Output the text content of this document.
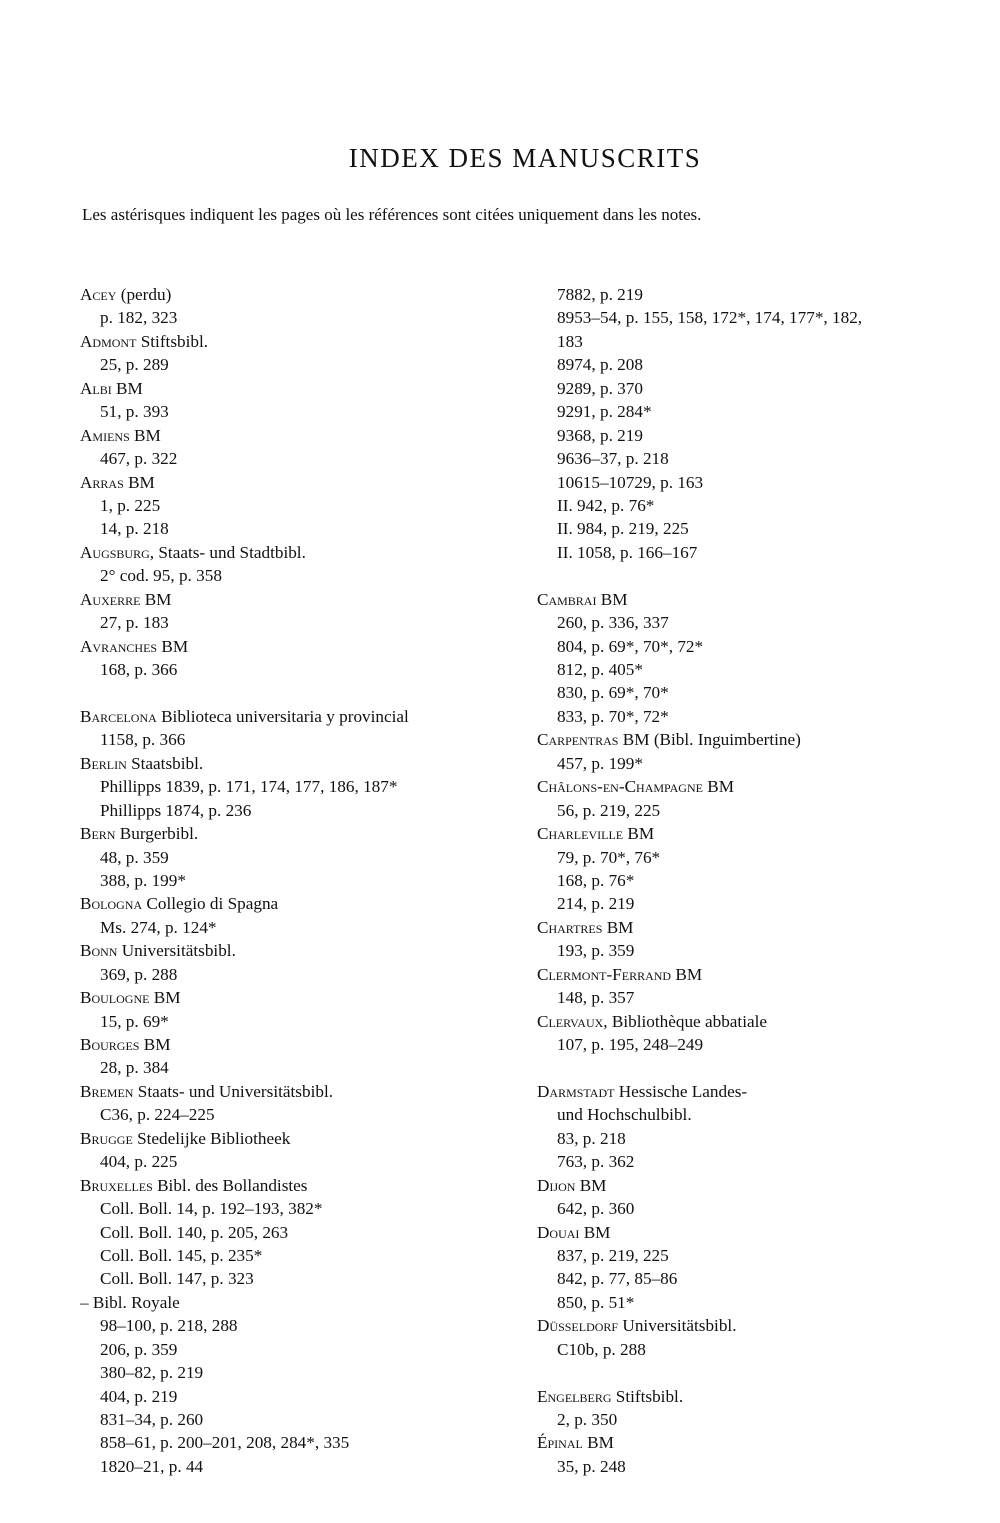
INDEX DES MANUSCRITS
Les astérisques indiquent les pages où les références sont citées uniquement dans les notes.
Acey (perdu)
p. 182, 323
Admont Stiftsbibl.
25, p. 289
Albi BM
51, p. 393
Amiens BM
467, p. 322
Arras BM
1, p. 225
14, p. 218
Augsburg, Staats- und Stadtbibl.
2° cod. 95, p. 358
Auxerre BM
27, p. 183
Avranches BM
168, p. 366
Barcelona Biblioteca universitaria y provincial
1158, p. 366
Berlin Staatsbibl.
Phillipps 1839, p. 171, 174, 177, 186, 187*
Phillipps 1874, p. 236
Bern Burgerbibl.
48, p. 359
388, p. 199*
Bologna Collegio di Spagna
Ms. 274, p. 124*
Bonn Universitätsbibl.
369, p. 288
Boulogne BM
15, p. 69*
Bourges BM
28, p. 384
Bremen Staats- und Universitätsbibl.
C36, p. 224–225
Brugge Stedelijke Bibliotheek
404, p. 225
Bruxelles Bibl. des Bollandistes
Coll. Boll. 14, p. 192–193, 382*
Coll. Boll. 140, p. 205, 263
Coll. Boll. 145, p. 235*
Coll. Boll. 147, p. 323
– Bibl. Royale
98–100, p. 218, 288
206, p. 359
380–82, p. 219
404, p. 219
831–34, p. 260
858–61, p. 200–201, 208, 284*, 335
1820–21, p. 44
7882, p. 219
8953–54, p. 155, 158, 172*, 174, 177*, 182,
183
8974, p. 208
9289, p. 370
9291, p. 284*
9368, p. 219
9636–37, p. 218
10615–10729, p. 163
II. 942, p. 76*
II. 984, p. 219, 225
II. 1058, p. 166–167
Cambrai BM
260, p. 336, 337
804, p. 69*, 70*, 72*
812, p. 405*
830, p. 69*, 70*
833, p. 70*, 72*
Carpentras BM (Bibl. Inguimbertine)
457, p. 199*
Châlons-en-Champagne BM
56, p. 219, 225
Charleville BM
79, p. 70*, 76*
168, p. 76*
214, p. 219
Chartres BM
193, p. 359
Clermont-Ferrand BM
148, p. 357
Clervaux, Bibliothèque abbatiale
107, p. 195, 248–249
Darmstadt Hessische Landes-
und Hochschulbibl.
83, p. 218
763, p. 362
Dijon BM
642, p. 360
Douai BM
837, p. 219, 225
842, p. 77, 85–86
850, p. 51*
Düsseldorf Universitätsbibl.
C10b, p. 288
Engelberg Stiftsbibl.
2, p. 350
Épinal BM
35, p. 248
